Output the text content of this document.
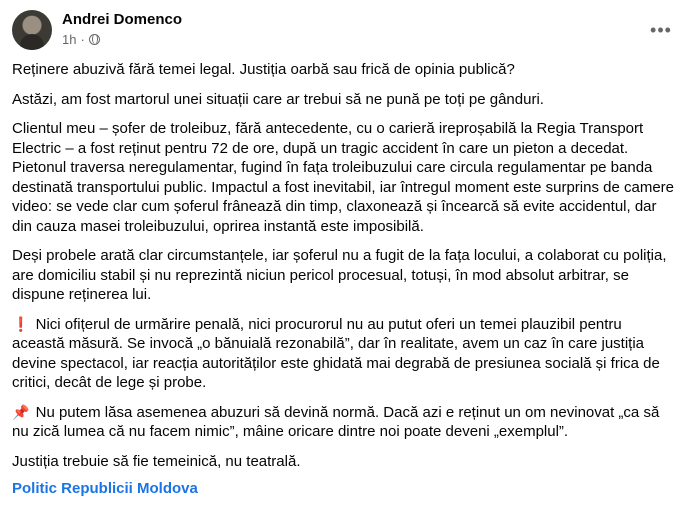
Andrei Domenco
1h ·	•••

Reținere abuzivă fără temei legal. Justiția oarbă sau frică de opinia publică?

Astăzi, am fost martorul unei situații care ar trebui să ne pună pe toți pe gânduri.

Clientul meu – șofer de troleibuz, fără antecedente, cu o carieră ireproșabilă la Regia Transport Electric – a fost reținut pentru 72 de ore, după un tragic accident în care un pieton a decedat. Pietonul traversa neregulamentar, fugind în fața troleibuzului care circula regulamentar pe banda destinată transportului public. Impactul a fost inevitabil, iar întregul moment este surprins de camere video: se vede clar cum șoferul frânează din timp, claxonează și încearcă să evite accidentul, dar din cauza masei troleibuzului, oprirea instantă este imposibilă.

Deși probele arată clar circumstanțele, iar șoferul nu a fugit de la fața locului, a colaborat cu poliția, are domiciliu stabil și nu reprezintă niciun pericol procesual, totuși, în mod absolut arbitrar, se dispune reținerea lui.

❗ Nici ofițerul de urmărire penală, nici procurorul nu au putut oferi un temei plauzibil pentru această măsură. Se invocă „o bănuială rezonabilă”, dar în realitate, avem un caz în care justiția devine spectacol, iar reacția autorităților este ghidată mai degrabă de presiunea socială și frica de critici, decât de lege și probe.

📌 Nu putem lăsa asemenea abuzuri să devină normă. Dacă azi e reținut un om nevinovat „ca să nu zică lumea că nu facem nimic”, mâine oricare dintre noi poate deveni „exemplul”.

Justiția trebuie să fie temeinică, nu teatrală.

Politic Republicii Moldova
